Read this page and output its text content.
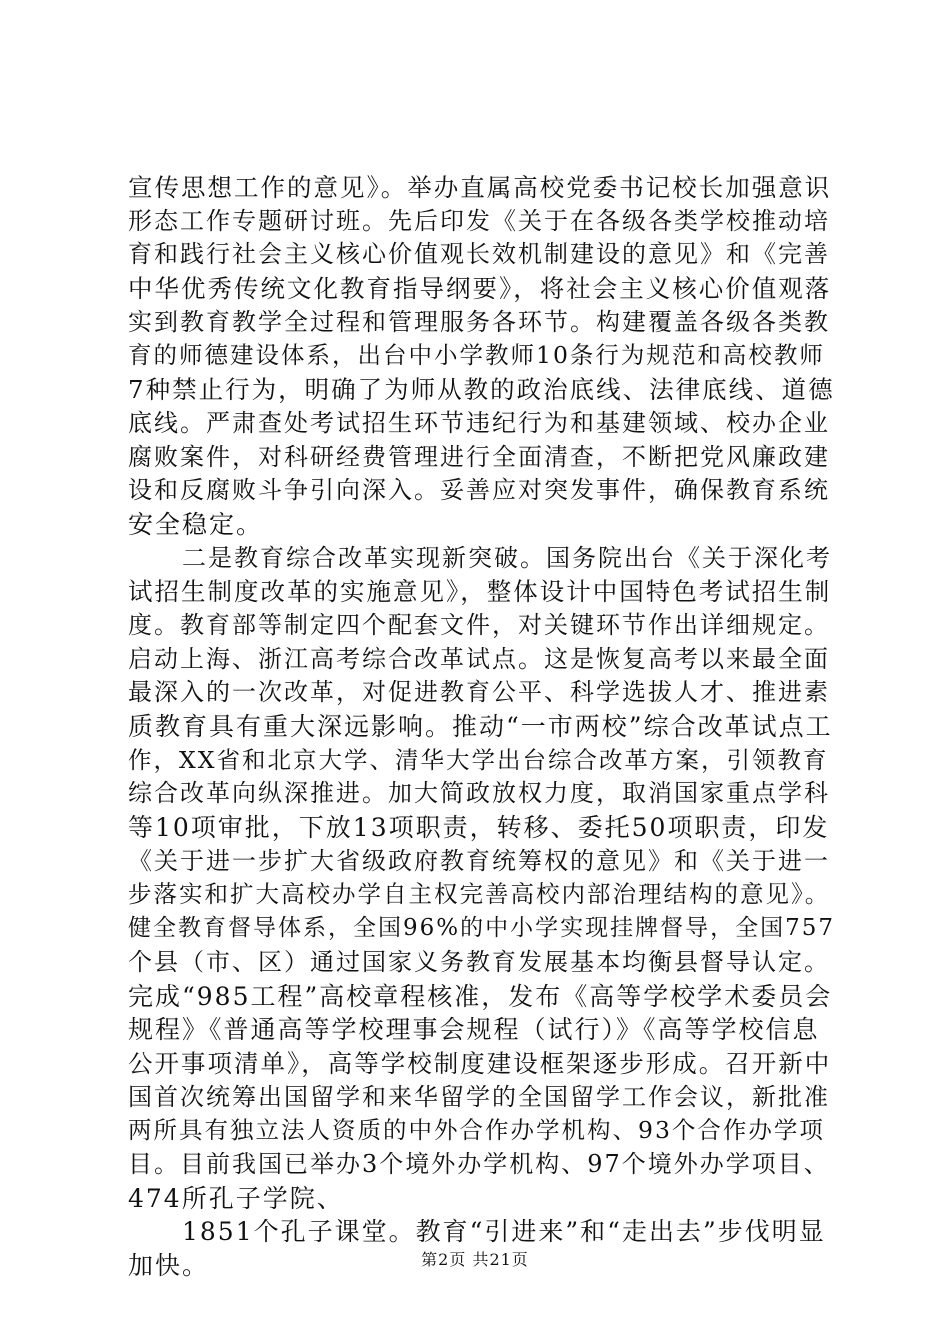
宣传思想工作的意见》。举办直属高校党委书记校长加强意识
形态工作专题研讨班。先后印发《关于在各级各类学校推动培
育和践行社会主义核心价值观长效机制建设的意见》和《完善
中华优秀传统文化教育指导纲要》，将社会主义核心价值观落
实到教育教学全过程和管理服务各环节。构建覆盖各级各类教
育的师德建设体系，出台中小学教师10条行为规范和高校教师
7种禁止行为，明确了为师从教的政治底线、法律底线、道德
底线。严肃查处考试招生环节违纪行为和基建领域、校办企业
腐败案件，对科研经费管理进行全面清查，不断把党风廉政建
设和反腐败斗争引向深入。妥善应对突发事件，确保教育系统
安全稳定。
二是教育综合改革实现新突破。国务院出台《关于深化考
试招生制度改革的实施意见》，整体设计中国特色考试招生制
度。教育部等制定四个配套文件，对关键环节作出详细规定。
启动上海、浙江高考综合改革试点。这是恢复高考以来最全面
最深入的一次改革，对促进教育公平、科学选拔人才、推进素
质教育具有重大深远影响。推动“一市两校”综合改革试点工
作，XX省和北京大学、清华大学出台综合改革方案，引领教育
综合改革向纵深推进。加大简政放权力度，取消国家重点学科
等10项审批，下放13项职责，转移、委托50项职责，印发
《关于进一步扩大省级政府教育统筹权的意见》和《关于进一
步落实和扩大高校办学自主权完善高校内部治理结构的意见》。
健全教育督导体系，全国96%的中小学实现挂牌督导，全国757
个县（市、区）通过国家义务教育发展基本均衡县督导认定。
完成“985工程”高校章程核准，发布《高等学校学术委员会
规程》《普通高等学校理事会规程（试行）》《高等学校信息
公开事项清单》，高等学校制度建设框架逐步形成。召开新中
国首次统筹出国留学和来华留学的全国留学工作会议，新批准
两所具有独立法人资质的中外合作办学机构、93个合作办学项
目。目前我国已举办3个境外办学机构、97个境外办学项目、
474所孔子学院、
1851个孔子课堂。教育“引进来”和“走出去”步伐明显
加快。	第2页 共21页
